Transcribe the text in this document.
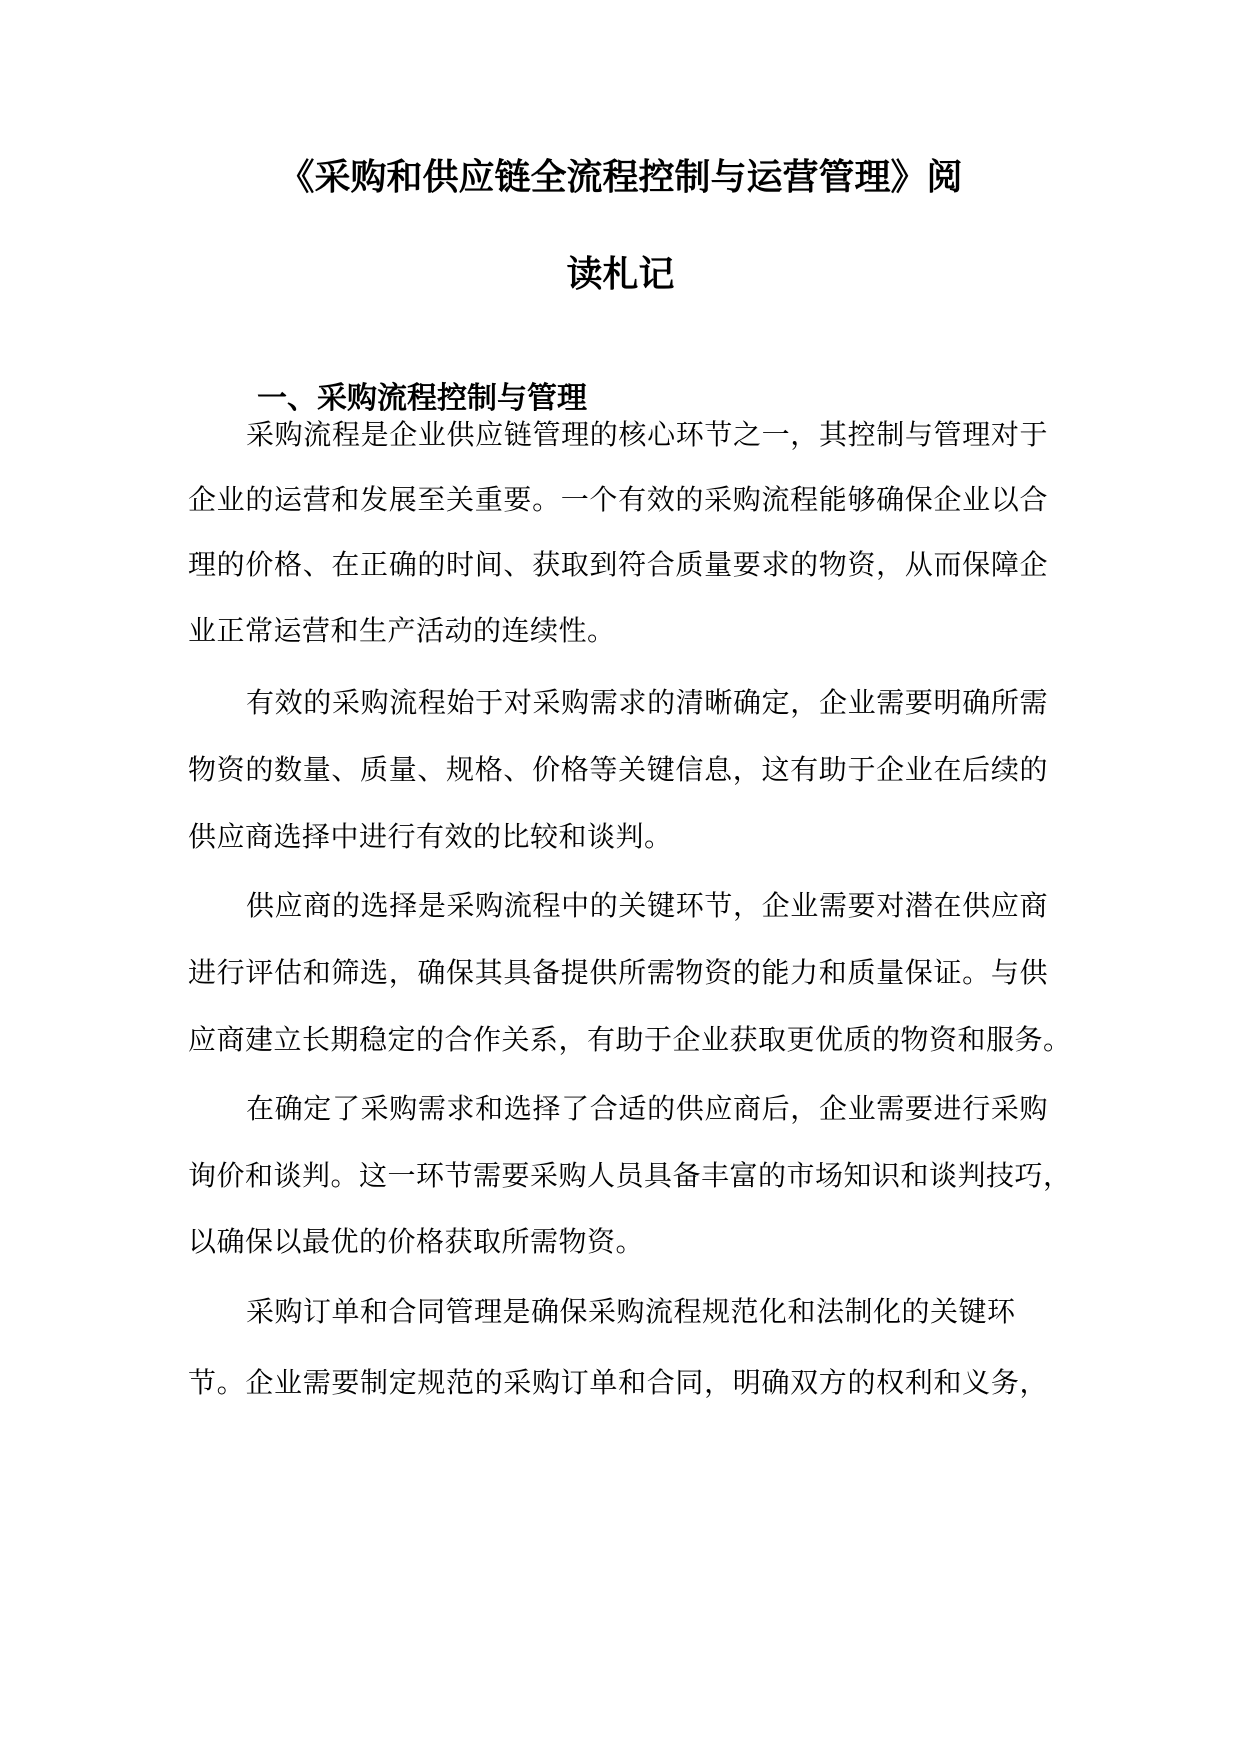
《采购和供应链全流程控制与运营管理》阅
读札记
一、采购流程控制与管理
采购流程是企业供应链管理的核心环节之一，其控制与管理对于
企业的运营和发展至关重要。一个有效的采购流程能够确保企业以合
理的价格、在正确的时间、获取到符合质量要求的物资，从而保障企
业正常运营和生产活动的连续性。
有效的采购流程始于对采购需求的清晰确定，企业需要明确所需
物资的数量、质量、规格、价格等关键信息，这有助于企业在后续的
供应商选择中进行有效的比较和谈判。
供应商的选择是采购流程中的关键环节，企业需要对潜在供应商
进行评估和筛选，确保其具备提供所需物资的能力和质量保证。与供
应商建立长期稳定的合作关系，有助于企业获取更优质的物资和服务。
在确定了采购需求和选择了合适的供应商后，企业需要进行采购
询价和谈判。这一环节需要采购人员具备丰富的市场知识和谈判技巧，
以确保以最优的价格获取所需物资。
采购订单和合同管理是确保采购流程规范化和法制化的关键环
节。企业需要制定规范的采购订单和合同，明确双方的权利和义务，
